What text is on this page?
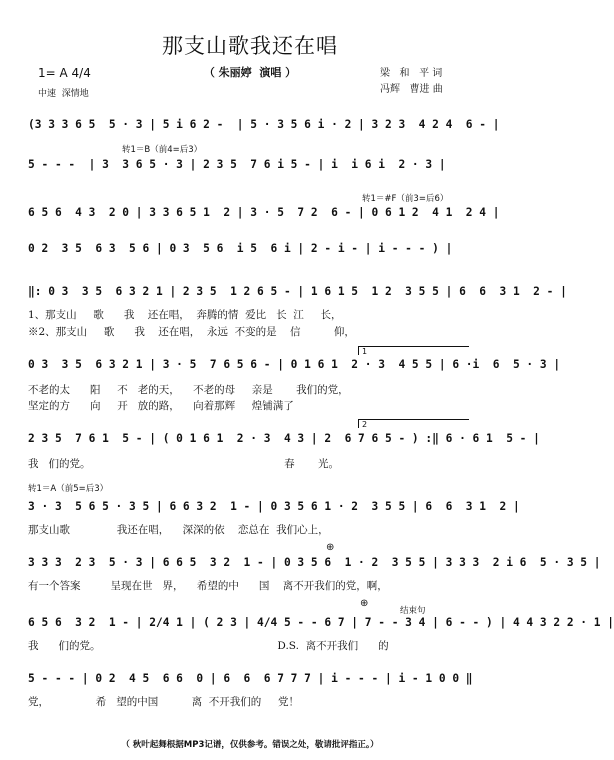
那支山歌我还在唱
（ 朱丽婷  演唱 ）
1= A 4/4
中速  深情地
梁   和   平 词
冯辉   曹进 曲
(3 3 3 6 5  5 · 3 | 5 i 6 2 -  | 5 · 3 5 6 i · 2 | 3 2 3  4 2 4  6 - |
转1＝B（前4=后3）
5 - - -  | 3  3 6 5 · 3 | 2 3 5  7 6 i 5 - | i  i 6 i  2 · 3 |
转1＝#F（前3=后6）
6 5 6  4 3  2 0 | 3 3 6 5 1  2 | 3 · 5  7 2  6 - | 0 6 1 2  4 1  2 4 |
0 2  3 5  6 3  5 6 | 0 3  5 6  i 5  6 i | 2 - i - | i - - - ) |
‖: 0 3  3 5  6 3 2 1 | 2 3 5  1 2 6 5 - | 1 6 1 5  1 2  3 5 5 | 6  6  3 1  2 - |
1、那支山     歌      我    还在唱，  奔腾的情  爱比   长  江     长，
※2、那支山     歌      我    还在唱，  永远  不变的是    信          仰，

1

0 3  3 5  6 3 2 1 | 3 · 5  7 6 5 6 - | 0 1 6 1  2 · 3  4 5 5 | 6 ·i  6  5 · 3 |
不老的太      阳     不   老的天，    不老的母     亲是       我们的党，
坚定的方      向     开   放的路，    向着那辉     煌铺满了

2

2 3 5  7 6 1  5 - | ( 0 1 6 1  2 · 3  4 3 | 2  6 7 6 5 - ) :‖ 6 · 6 1  5 - |
我   们的党。                                                          春       光。
转1＝A（前5=后3）
3 · 3  5 6 5 · 3 5 | 6 6 3 2  1 - | 0 3 5 6 1 · 2  3 5 5 | 6  6  3 1  2 |
那支山歌              我还在唱，    深深的依    恋总在  我们心上，
⊕
3 3 3  2 3  5 · 3 | 6 6 5  3 2  1 - | 0 3 5 6  1 · 2  3 5 5 | 3 3 3  2 i 6  5 · 3 5 |
有一个答案         呈现在世   界，    希望的中      国    离不开我们的党，啊，
⊕
结束句
6 5 6  3 2  1 - | 2/4 1 | ( 2 3 | 4/4 5 - - 6 7 | 7 - - 3 4 | 6 - - ) | 4 4 3 2 2 · 1 |
我      们的党。                                                     D.S.  离不开我们      的
5 - - - | 0 2  4 5  6 6  0 | 6  6  6 7 7 7 | i - - - | i - 1 0 0 ‖
党，              希   望的中国          离  不开我们的     党！
（ 秋叶起舞根据MP3记谱，仅供参考。错误之处，敬请批评指正。）
